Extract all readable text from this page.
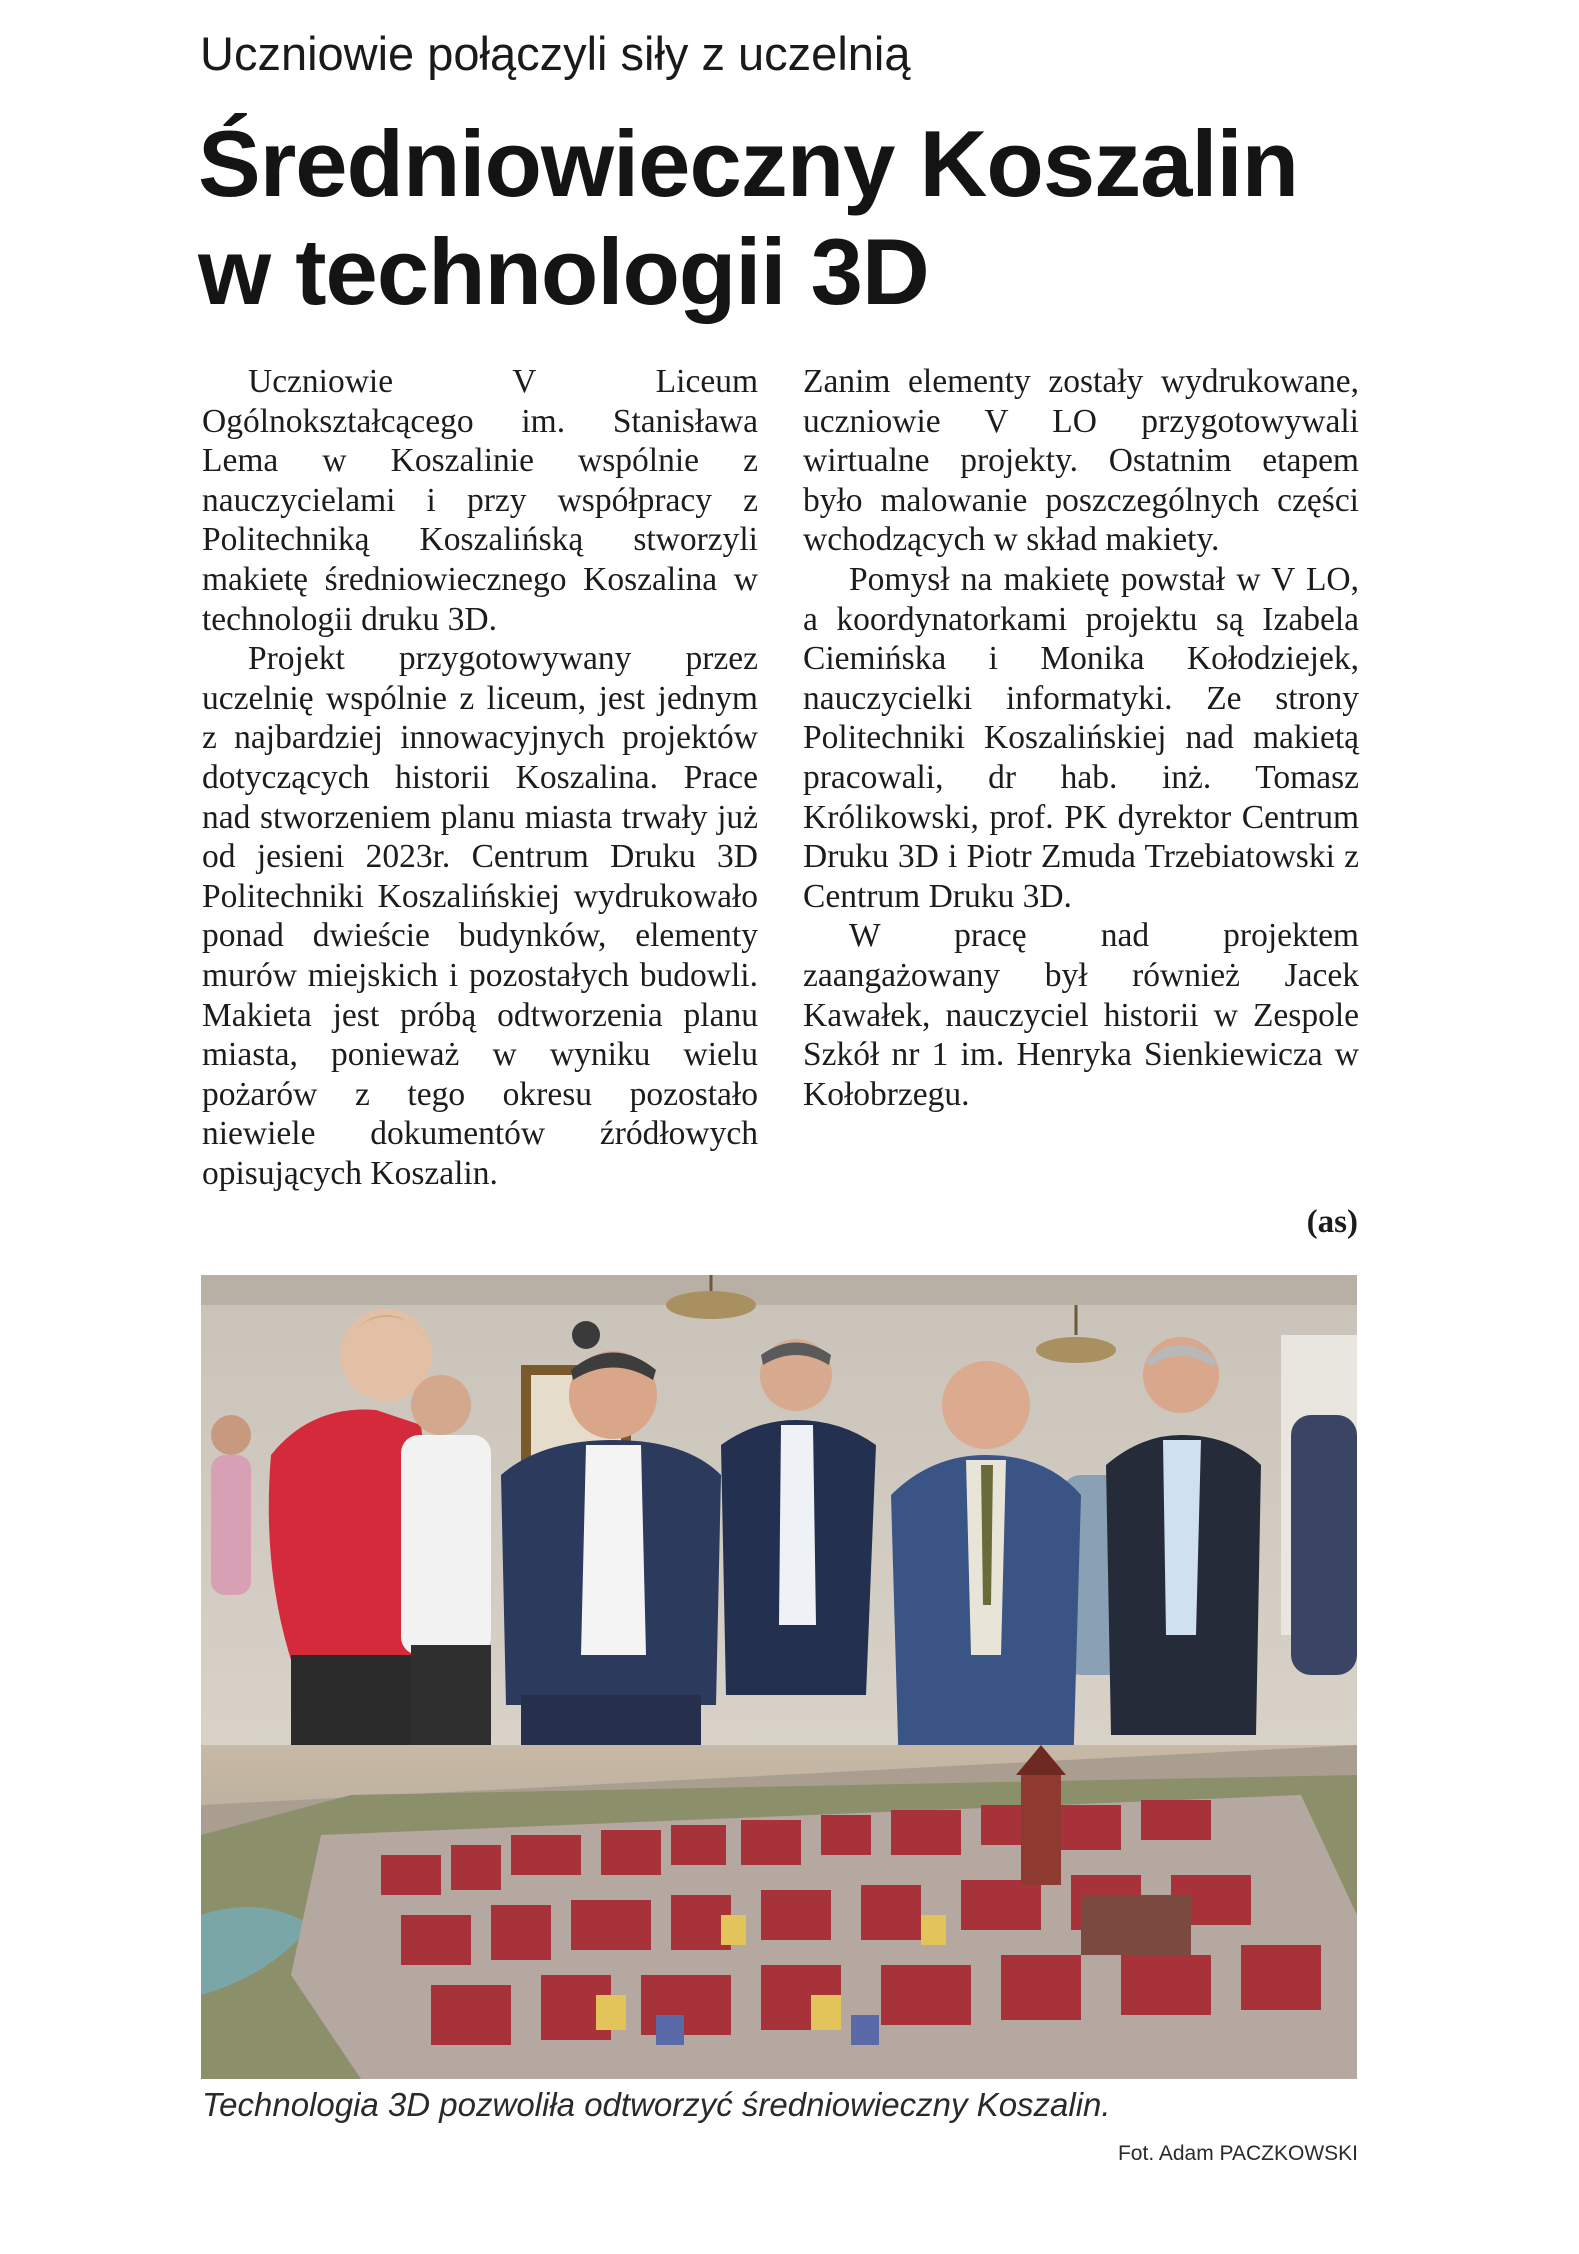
Uczniowie połączyli siły z uczelnią
Średniowieczny Koszalin
w technologii 3D

Uczniowie V Liceum Ogólnokształcącego im. Stanisława Lema w Koszalinie wspólnie z nauczycielami i przy współpracy z Politechniką Koszalińską stworzyli makietę średniowiecznego Koszalina w technologii druku 3D.

Projekt przygotowywany przez uczelnię wspólnie z liceum, jest jednym z najbardziej innowacyjnych projektów dotyczących historii Koszalina. Prace nad stworzeniem planu miasta trwały już od jesieni 2023r. Centrum Druku 3D Politechniki Koszalińskiej wydrukowało ponad dwieście budynków, elementy murów miejskich i pozostałych budowli. Makieta jest próbą odtworzenia planu miasta, ponieważ w wyniku wielu pożarów z tego okresu pozostało niewiele dokumentów źródłowych opisujących Koszalin.

Zanim elementy zostały wydrukowane, uczniowie V LO przygotowywali wirtualne projekty. Ostatnim etapem było malowanie poszczególnych części wchodzących w skład makiety.

Pomysł na makietę powstał w V LO, a koordynatorkami projektu są Izabela Ciemińska i Monika Kołodziejek, nauczycielki informatyki. Ze strony Politechniki Koszalińskiej nad makietą pracowali, dr hab. inż. Tomasz Królikowski, prof. PK dyrektor Centrum Druku 3D i Piotr Zmuda Trzebiatowski z Centrum Druku 3D.

W pracę nad projektem zaangażowany był również Jacek Kawałek, nauczyciel historii w Zespole Szkół nr 1 im. Henryka Sienkiewicza w Kołobrzegu.

(as)
Technologia 3D pozwoliła odtworzyć średniowieczny Koszalin.
Fot. Adam PACZKOWSKI
